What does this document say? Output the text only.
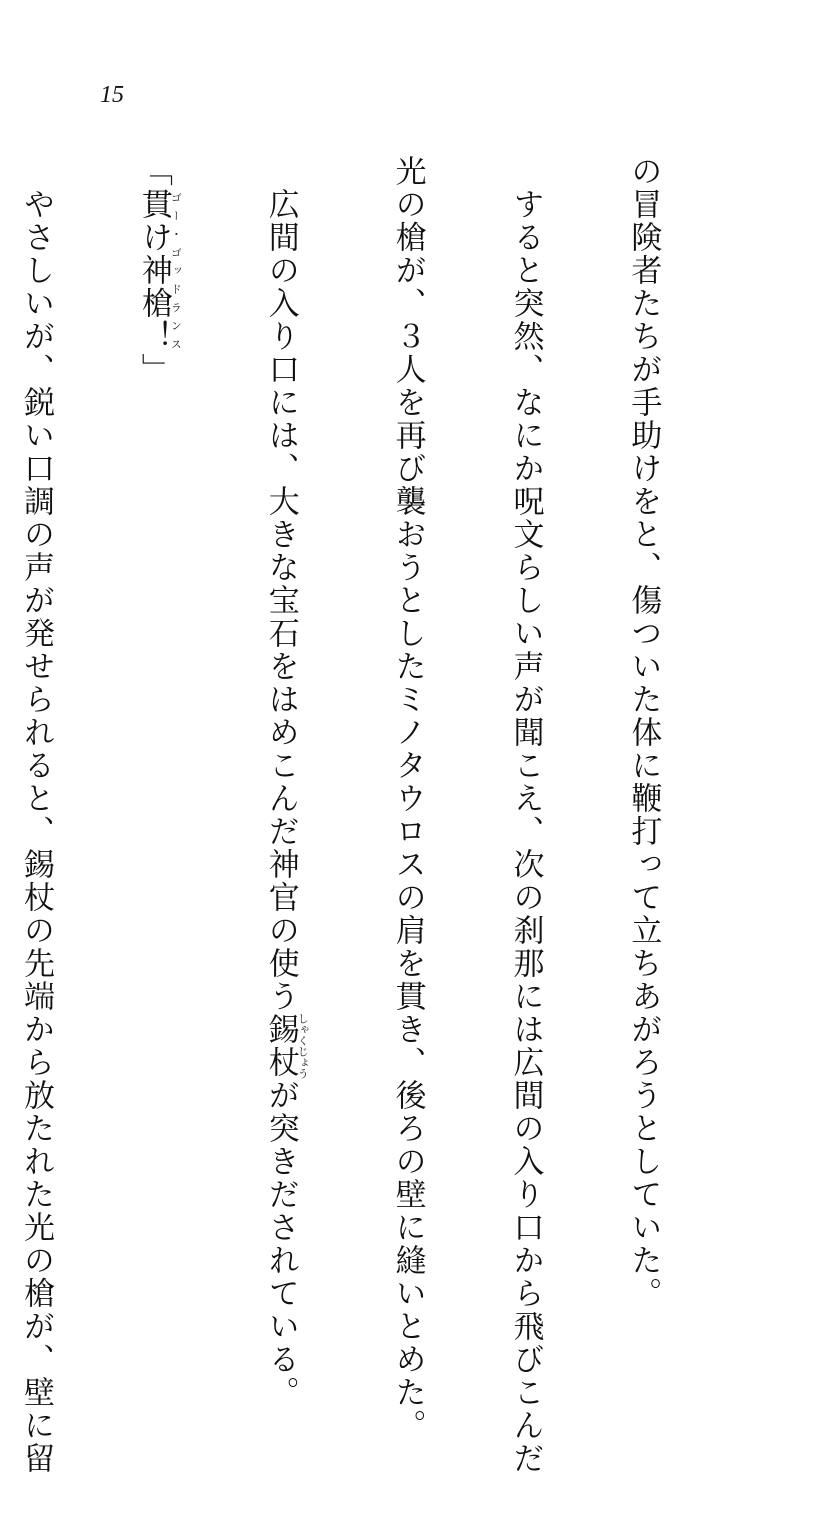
15

の冒険者たちが手助けをと、傷ついた体に鞭打って立ちあがろうとしていた。

　すると突然、なにか呪文らしい声が聞こえ、次の刹那には広間の入り口から飛びこんだ

光の槍が、３人を再び襲おうとしたミノタウロスの肩を貫き、後ろの壁に縫いとめた。

　広間の入り口には、大きな宝石をはめこんだ神官の使う錫杖しゃくじょうが突きだされている。

「貫け神槍！ゴー・ゴッドランス」

　やさしいが、鋭い口調の声が発せられると、錫杖の先端から放たれた光の槍が、壁に留
